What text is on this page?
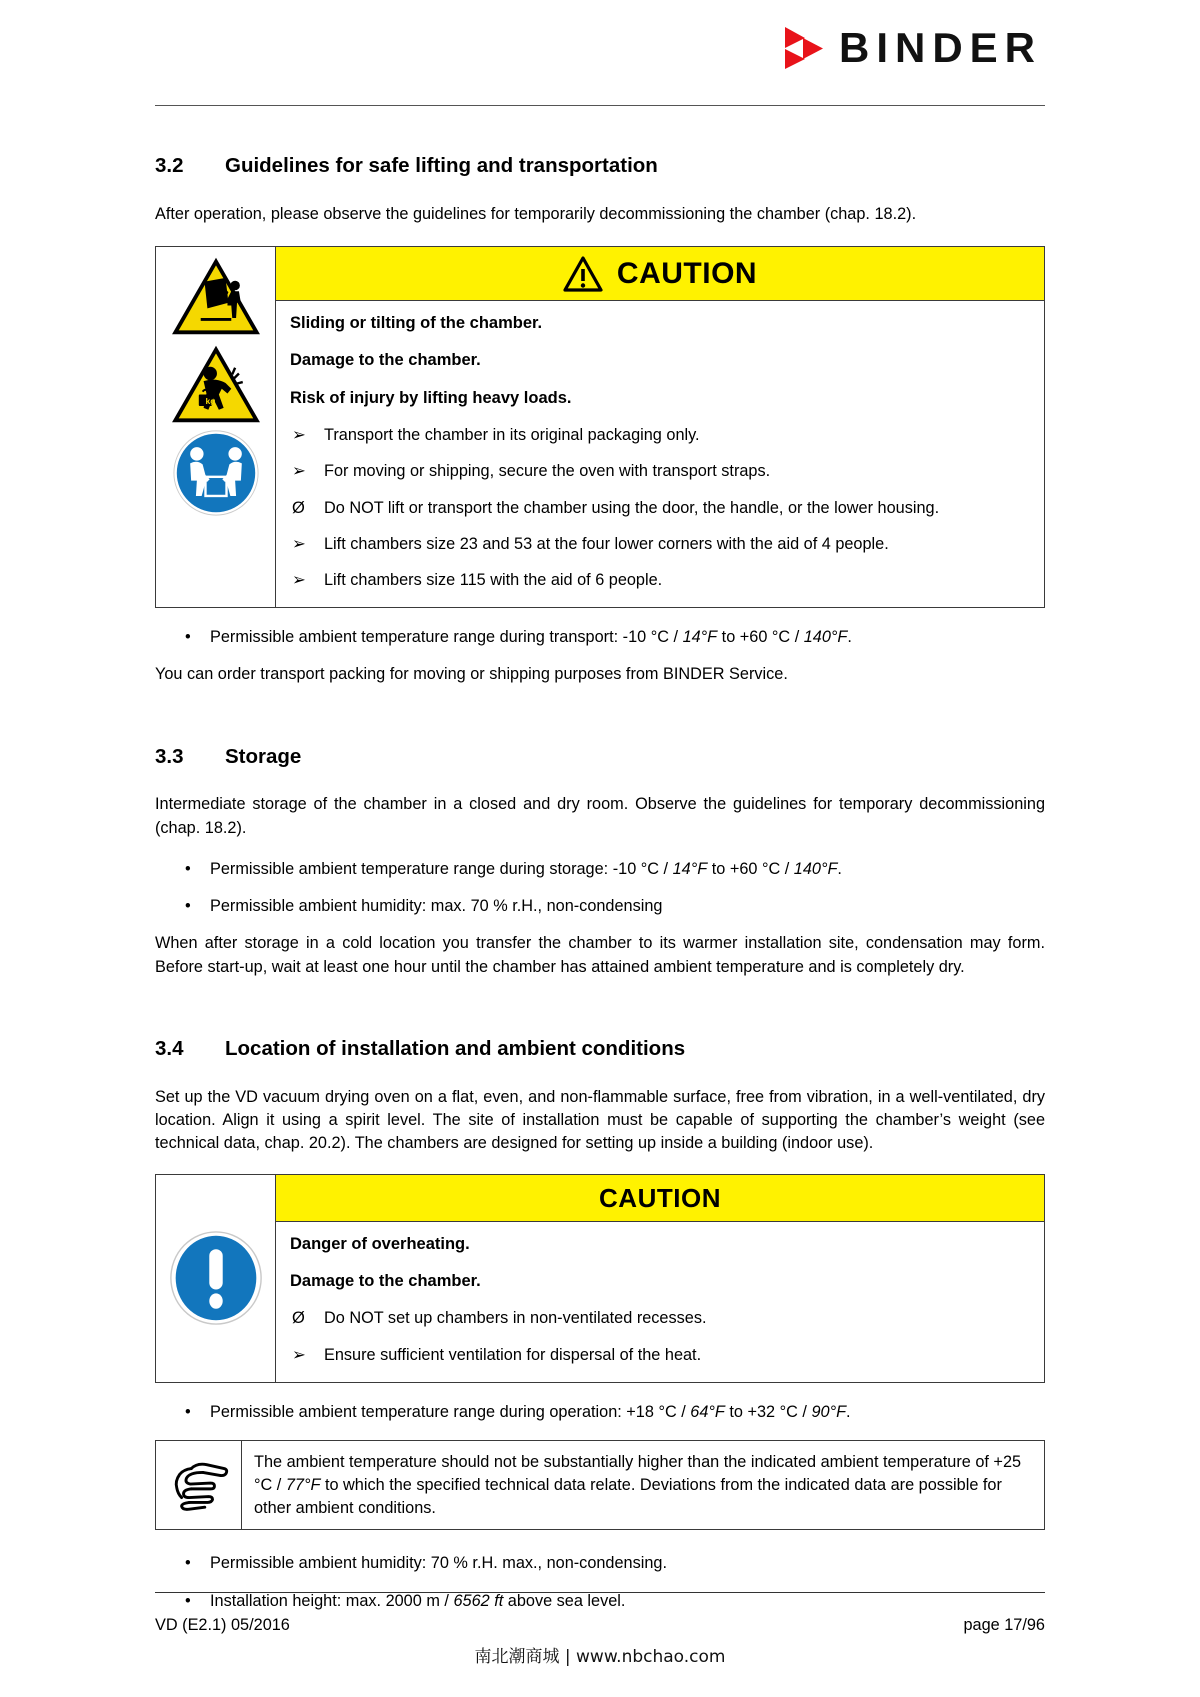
BINDER
3.2	Guidelines for safe lifting and transportation

After operation, please observe the guidelines for temporarily decommissioning the chamber (chap. 18.2).

kg
CAUTION

Sliding or tilting of the chamber.

Damage to the chamber.

Risk of injury by lifting heavy loads.

➢ Transport the chamber in its original packaging only.
➢ For moving or shipping, secure the oven with transport straps.
Ø Do NOT lift or transport the chamber using the door, the handle, or the lower housing.
➢ Lift chambers size 23 and 53 at the four lower corners with the aid of 4 people.
➢ Lift chambers size 115 with the aid of 6 people.
• Permissible ambient temperature range during transport: -10 °C / 14°F to +60 °C / 140°F.

You can order transport packing for moving or shipping purposes from BINDER Service.

3.3	Storage

Intermediate storage of the chamber in a closed and dry room. Observe the guidelines for temporary decommissioning (chap. 18.2).

• Permissible ambient temperature range during storage: -10 °C / 14°F to +60 °C / 140°F.
• Permissible ambient humidity: max. 70 % r.H., non-condensing

When after storage in a cold location you transfer the chamber to its warmer installation site, condensation may form. Before start-up, wait at least one hour until the chamber has attained ambient temperature and is completely dry.

3.4	Location of installation and ambient conditions

Set up the VD vacuum drying oven on a flat, even, and non-flammable surface, free from vibration, in a well-ventilated, dry location. Align it using a spirit level. The site of installation must be capable of supporting the chamber’s weight (see technical data, chap. 20.2). The chambers are designed for setting up inside a building (indoor use).

CAUTION

Danger of overheating.

Damage to the chamber.

Ø Do NOT set up chambers in non-ventilated recesses.
➢ Ensure sufficient ventilation for dispersal of the heat.
• Permissible ambient temperature range during operation: +18 °C / 64°F to +32 °C / 90°F.
The ambient temperature should not be substantially higher than the indicated ambient temperature of +25 °C / 77°F to which the specified technical data relate. Deviations from the indicated data are possible for other ambient conditions.
• Permissible ambient humidity: 70 % r.H. max., non-condensing.
• Installation height: max. 2000 m / 6562 ft above sea level.
VD (E2.1) 05/2016	page 17/96
南北潮商城 | www.nbchao.com
